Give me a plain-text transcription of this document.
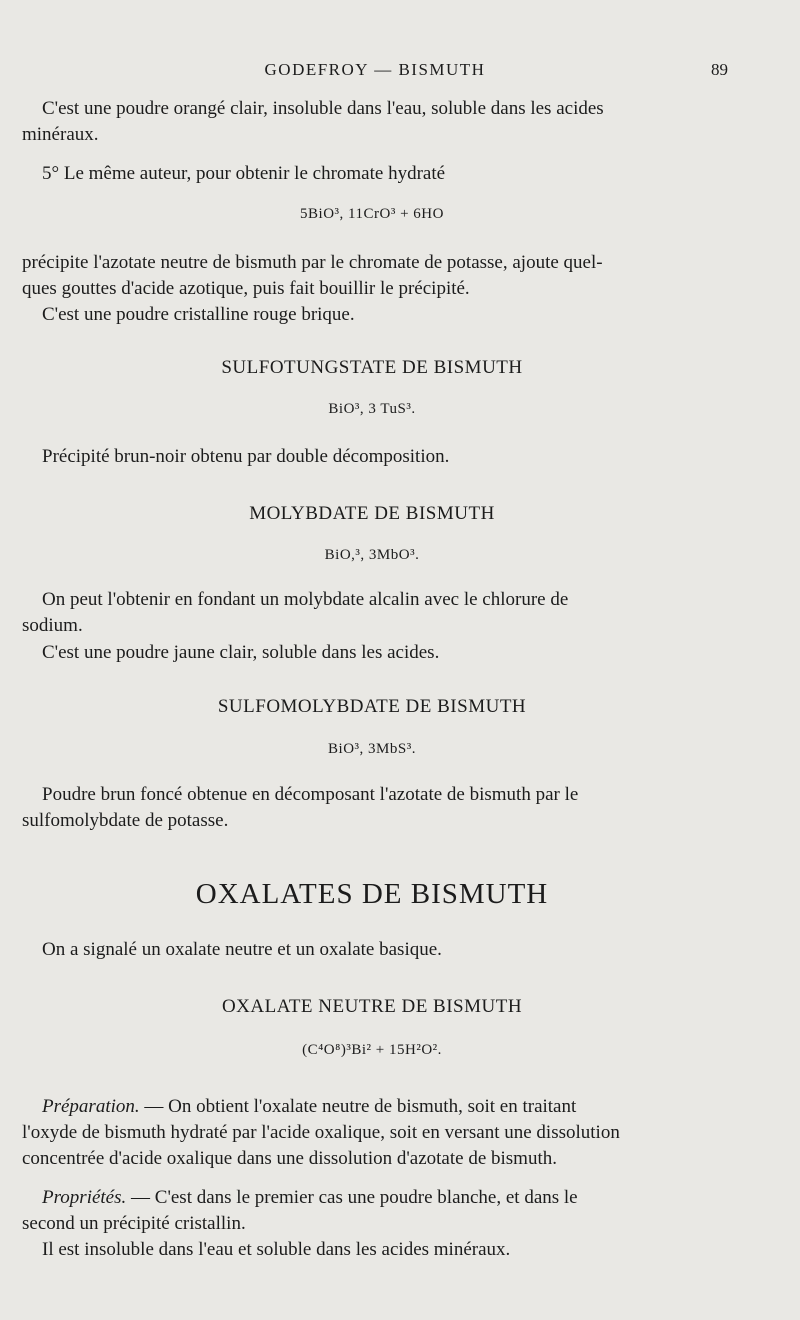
GODEFROY — BISMUTH	89
C'est une poudre orangé clair, insoluble dans l'eau, soluble dans les acides
minéraux.
5° Le même auteur, pour obtenir le chromate hydraté
5BiO³, 11CrO³ + 6HO
précipite l'azotate neutre de bismuth par le chromate de potasse, ajoute quel-
ques gouttes d'acide azotique, puis fait bouillir le précipité.
C'est une poudre cristalline rouge brique.
SULFOTUNGSTATE DE BISMUTH
BiO³, 3 TuS³.
Précipité brun-noir obtenu par double décomposition.
MOLYBDATE DE BISMUTH
BiO,³, 3MbO³.
On peut l'obtenir en fondant un molybdate alcalin avec le chlorure de
sodium.
C'est une poudre jaune clair, soluble dans les acides.
SULFOMOLYBDATE DE BISMUTH
BiO³, 3MbS³.
Poudre brun foncé obtenue en décomposant l'azotate de bismuth par le
sulfomolybdate de potasse.
OXALATES DE BISMUTH
On a signalé un oxalate neutre et un oxalate basique.
OXALATE NEUTRE DE BISMUTH
(C⁴O⁸)³Bi² + 15H²O².
Préparation. — On obtient l'oxalate neutre de bismuth, soit en traitant
l'oxyde de bismuth hydraté par l'acide oxalique, soit en versant une dissolution
concentrée d'acide oxalique dans une dissolution d'azotate de bismuth.
Propriétés. — C'est dans le premier cas une poudre blanche, et dans le
second un précipité cristallin.
Il est insoluble dans l'eau et soluble dans les acides minéraux.
